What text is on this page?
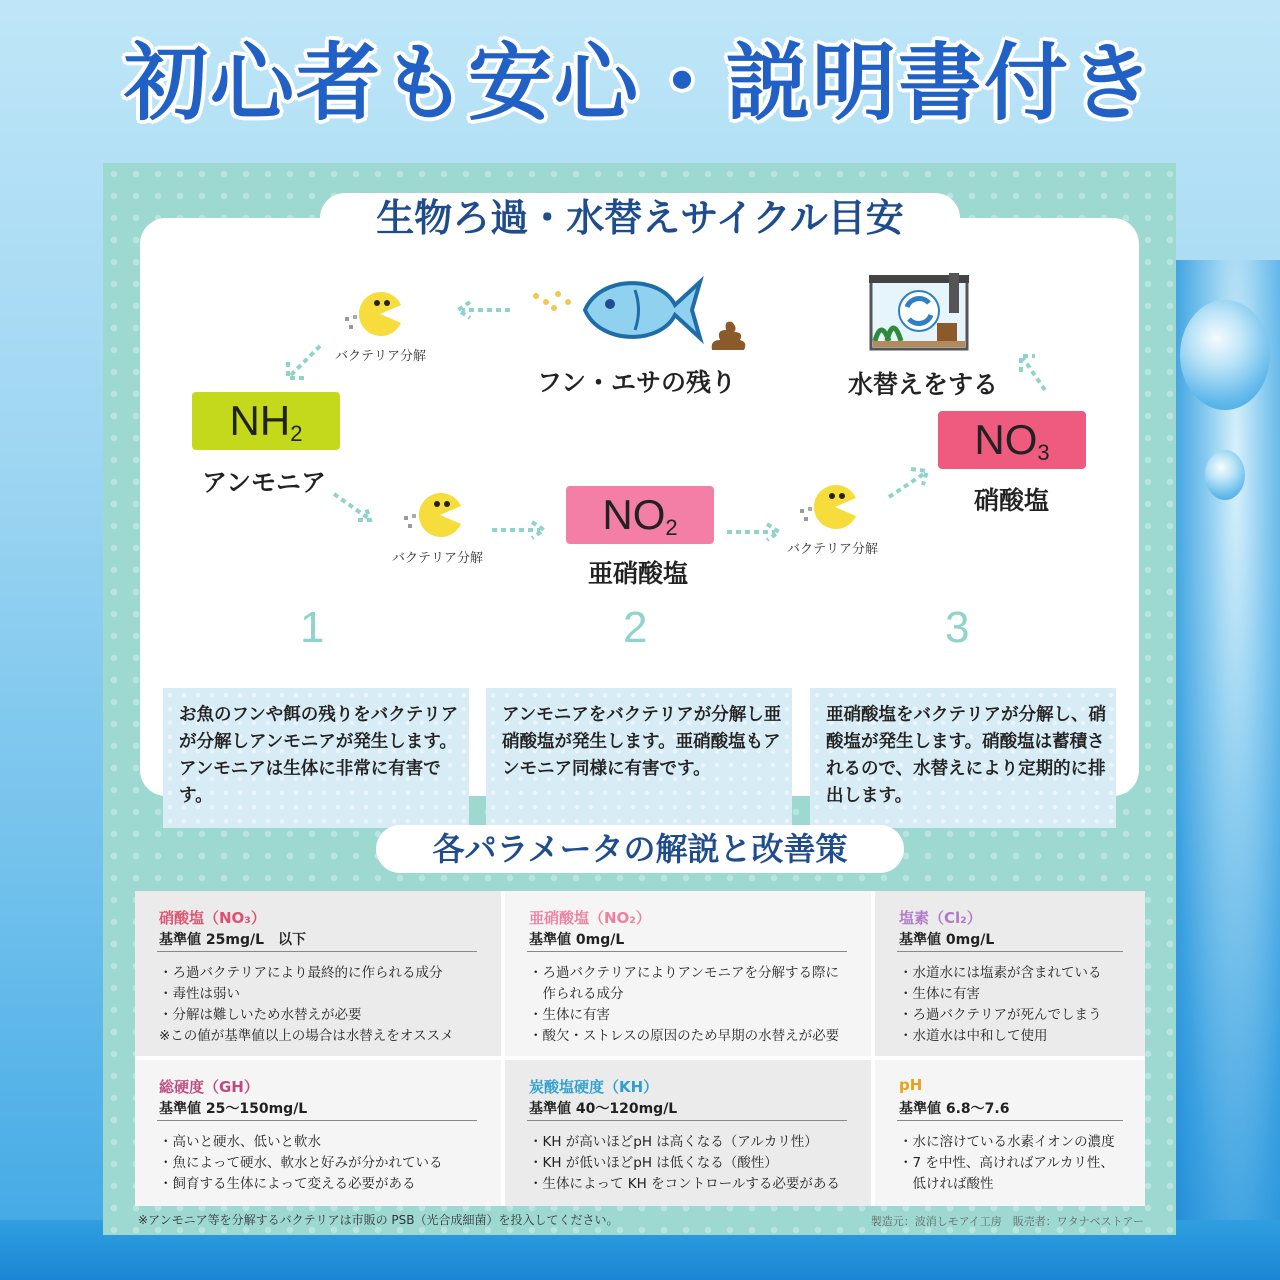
初心者も安心・説明書付き
生物ろ過・水替えサイクル目安
フン・エサの残り	水替えをする
バクテリア分解
バクテリア分解
バクテリア分解
$NH_2$
アンモニア
$NO_2$
亜硝酸塩
$NO_3$
硝酸塩
1	2	3
お魚のフンや餌の残りをバクテリアが分解しアンモニアが発生します。アンモニアは生体に非常に有害です。
アンモニアをバクテリアが分解し亜硝酸塩が発生します。亜硝酸塩もアンモニア同様に有害です。
亜硝酸塩をバクテリアが分解し、硝酸塩が発生します。硝酸塩は蓄積されるので、水替えにより定期的に排出します。
各パラメータの解説と改善策
硝酸塩（NO₃）
基準値 25mg/L　以下
・ろ過バクテリアにより最終的に作られる成分
・毒性は弱い
・分解は難しいため水替えが必要
※この値が基準値以上の場合は水替えをオススメ
亜硝酸塩（NO₂）
基準値 0mg/L
・ろ過バクテリアによりアンモニアを分解する際に
　作られる成分
・生体に有害
・酸欠・ストレスの原因のため早期の水替えが必要
塩素（Cl₂）
基準値 0mg/L
・水道水には塩素が含まれている
・生体に有害
・ろ過バクテリアが死んでしまう
・水道水は中和して使用
総硬度（GH）
基準値 25～150mg/L
・高いと硬水、低いと軟水
・魚によって硬水、軟水と好みが分かれている
・飼育する生体によって変える必要がある
炭酸塩硬度（KH）
基準値 40～120mg/L
・KH が高いほどpH は高くなる（アルカリ性）
・KH が低いほどpH は低くなる（酸性）
・生体によって KH をコントロールする必要がある
pH
基準値 6.8～7.6
・水に溶けている水素イオンの濃度
・7 を中性、高ければアルカリ性、
　低ければ酸性
※アンモニア等を分解するバクテリアは市販の PSB（光合成細菌）を投入してください。	製造元：波消しモアイ工房　販売者：ワタナベストアー
